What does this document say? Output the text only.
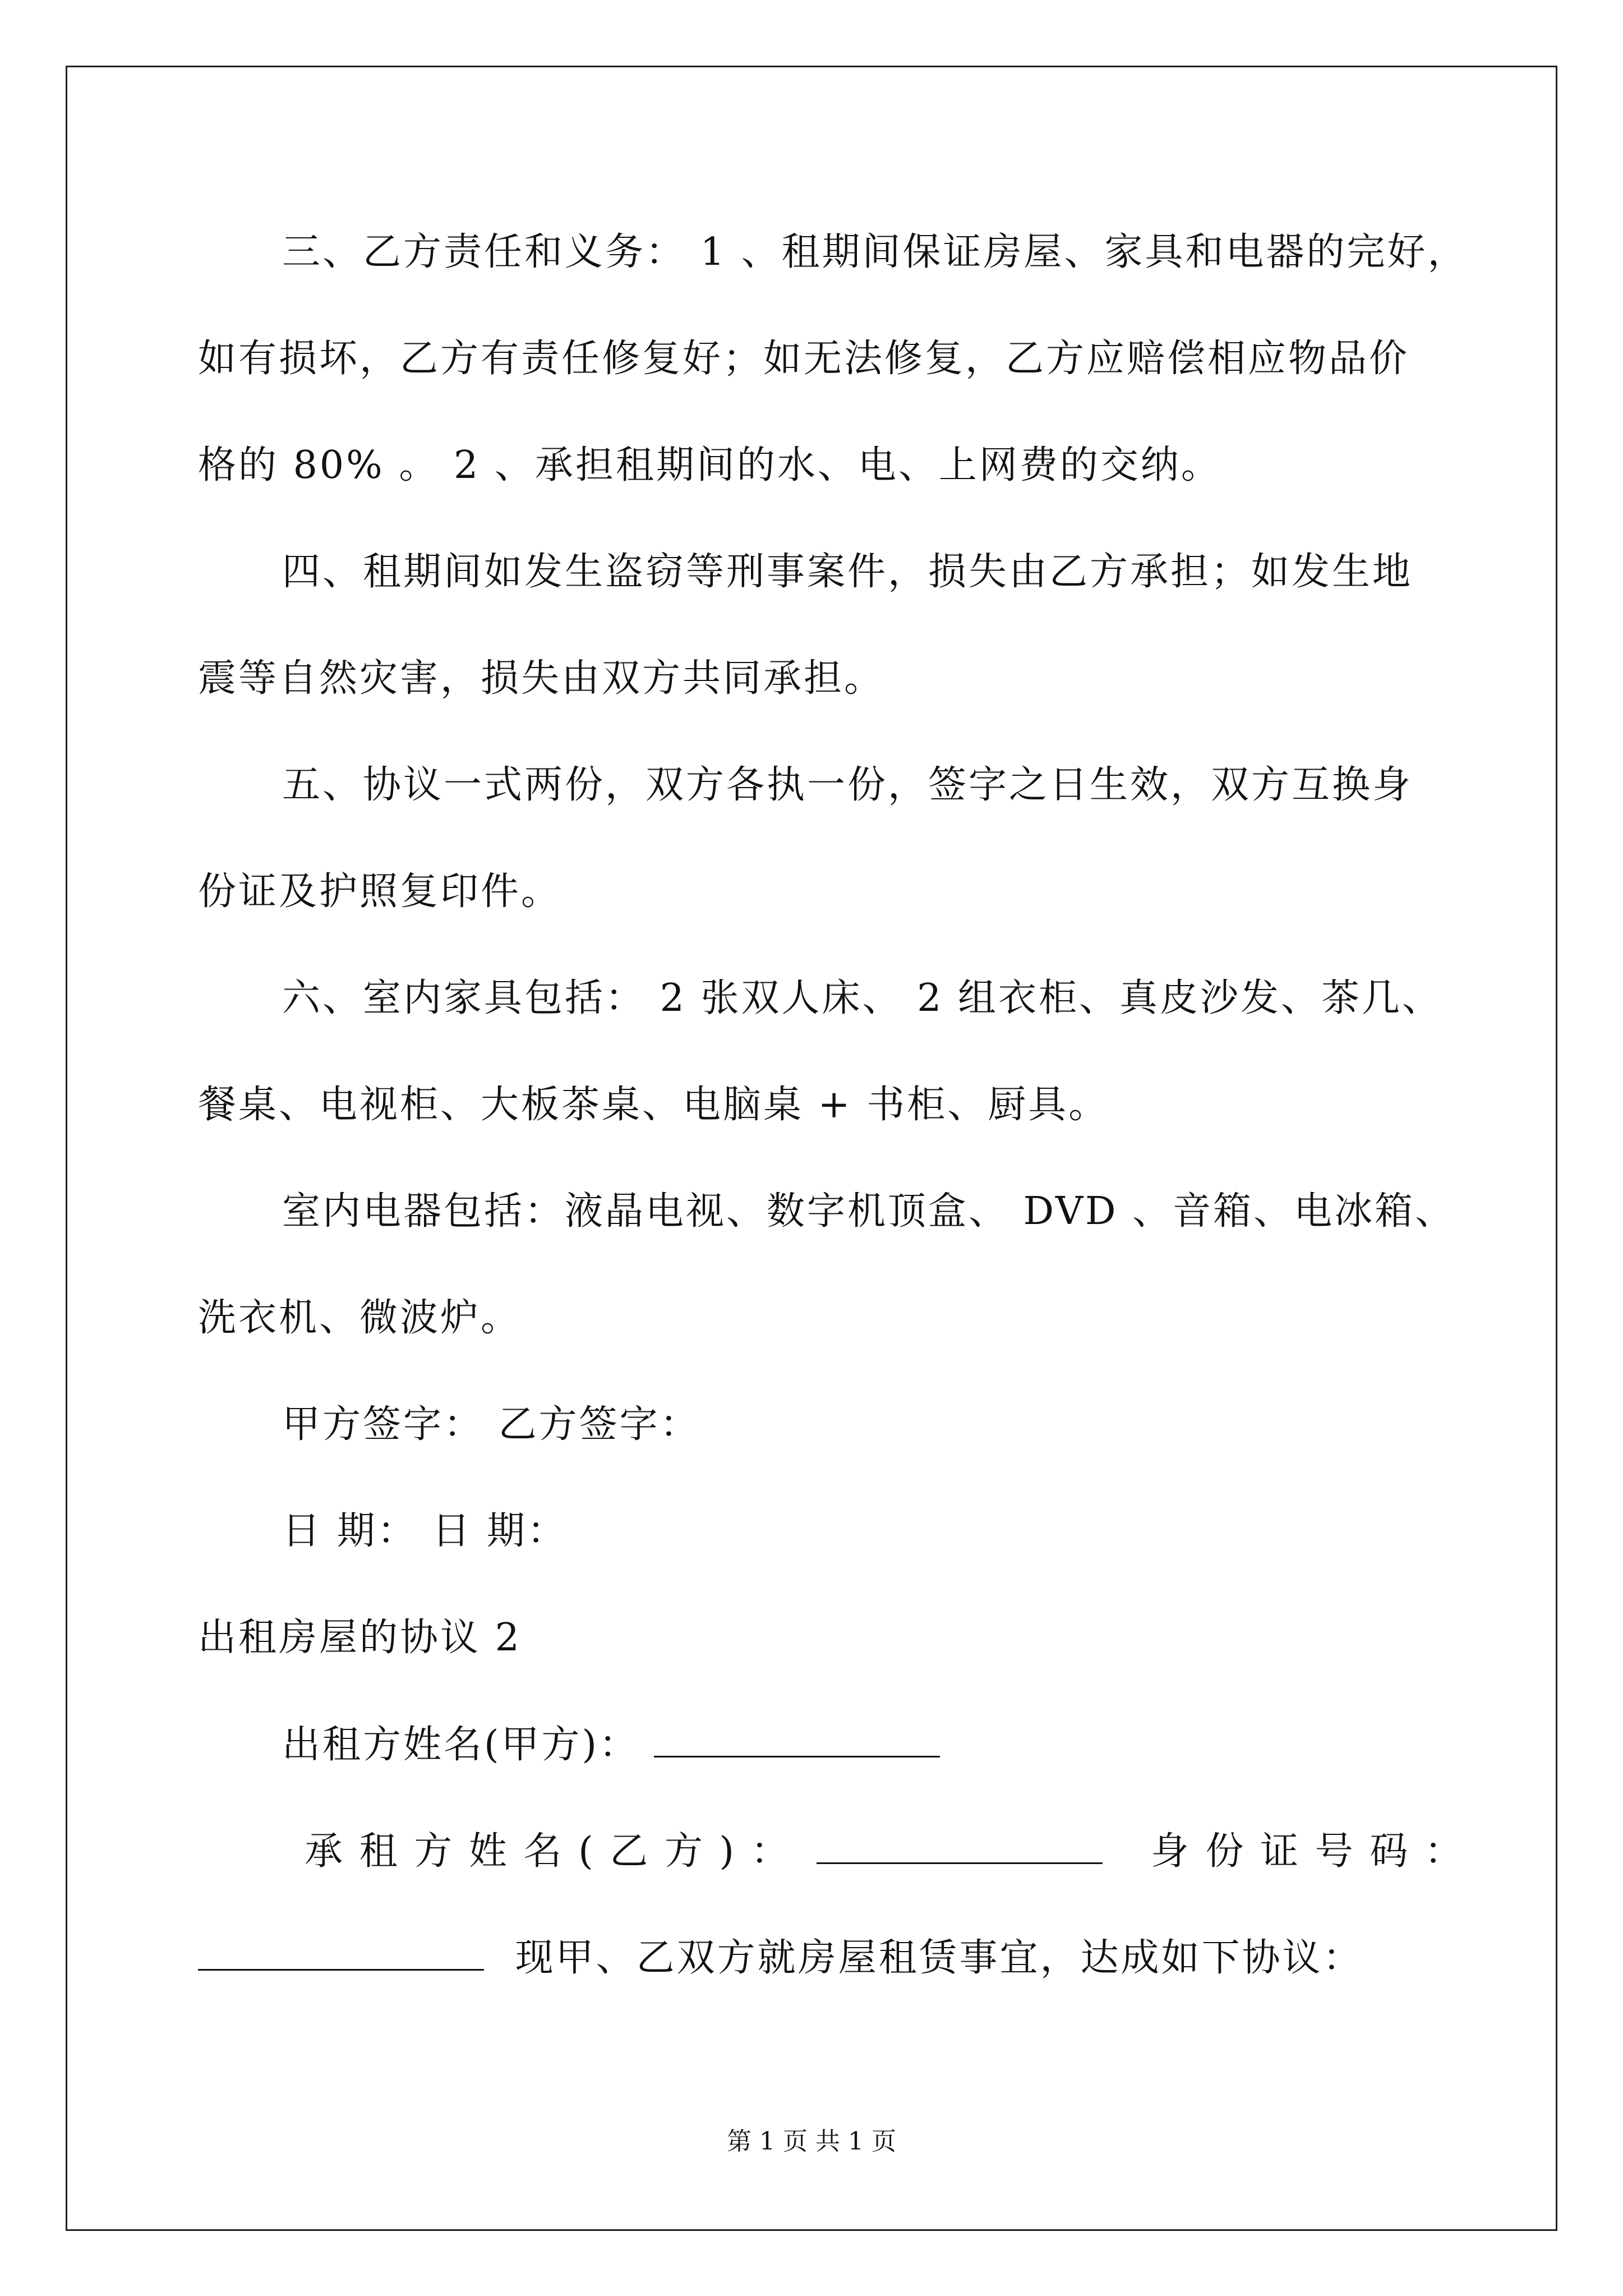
三、乙方责任和义务： 1 、租期间保证房屋、家具和电器的完好，
如有损坏，乙方有责任修复好；如无法修复，乙方应赔偿相应物品价
格的 80% 。 2 、承担租期间的水、电、上网费的交纳。
四、租期间如发生盗窃等刑事案件，损失由乙方承担；如发生地
震等自然灾害，损失由双方共同承担。
五、协议一式两份，双方各执一份，签字之日生效，双方互换身
份证及护照复印件。
六、室内家具包括： 2 张双人床、 2 组衣柜、真皮沙发、茶几、
餐桌、电视柜、大板茶桌、电脑桌 + 书柜、厨具。
室内电器包括：液晶电视、数字机顶盒、 DVD 、音箱、电冰箱、
洗衣机、微波炉。
甲方签字： 乙方签字：
日 期： 日 期：
出租房屋的协议 2
出租方姓名(甲方)：
承 租 方 姓 名 ( 乙 方 ) ：	身 份 证 号 码 ：
现甲、乙双方就房屋租赁事宜，达成如下协议：
第 1 页 共 1 页
